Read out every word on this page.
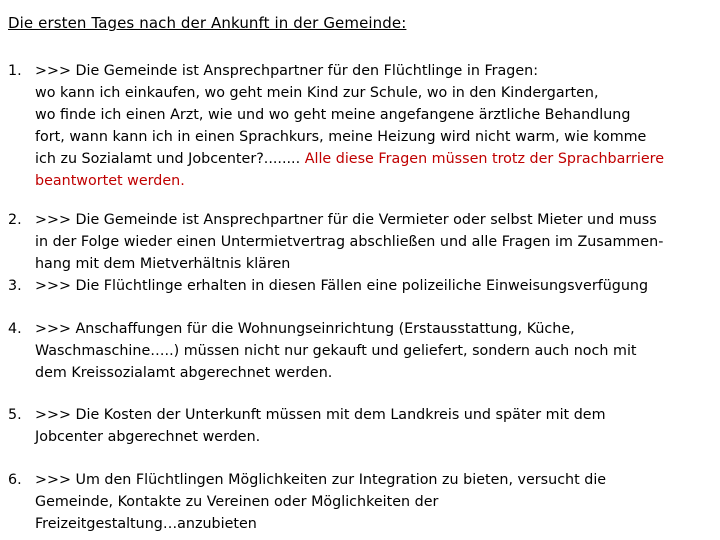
Die ersten Tages nach der Ankunft in der Gemeinde:
1. >>> Die Gemeinde ist Ansprechpartner für den Flüchtlinge in Fragen:
wo kann ich einkaufen, wo geht mein Kind zur Schule, wo in den Kindergarten,
wo finde ich einen Arzt, wie und wo geht meine angefangene ärztliche Behandlung
fort, wann kann ich in einen Sprachkurs, meine Heizung wird nicht warm, wie komme
ich zu Sozialamt und Jobcenter?........ Alle diese Fragen müssen trotz der Sprachbarriere
beantwortet werden.
2. >>> Die Gemeinde ist Ansprechpartner für die Vermieter oder selbst Mieter und muss
in der Folge wieder einen Untermietvertrag abschließen und alle Fragen im Zusammen-
hang mit dem Mietverhältnis klären
3. >>> Die Flüchtlinge erhalten in diesen Fällen eine polizeiliche Einweisungsverfügung
4. >>> Anschaffungen für die Wohnungseinrichtung (Erstausstattung, Küche,
Waschmaschine…..) müssen nicht nur gekauft und geliefert, sondern auch noch mit
dem Kreissozialamt abgerechnet werden.
5. >>> Die Kosten der Unterkunft müssen mit dem Landkreis und später mit dem
Jobcenter abgerechnet werden.
6. >>> Um den Flüchtlingen Möglichkeiten zur Integration zu bieten, versucht die
Gemeinde, Kontakte zu Vereinen oder Möglichkeiten der
Freizeitgestaltung…anzubieten
